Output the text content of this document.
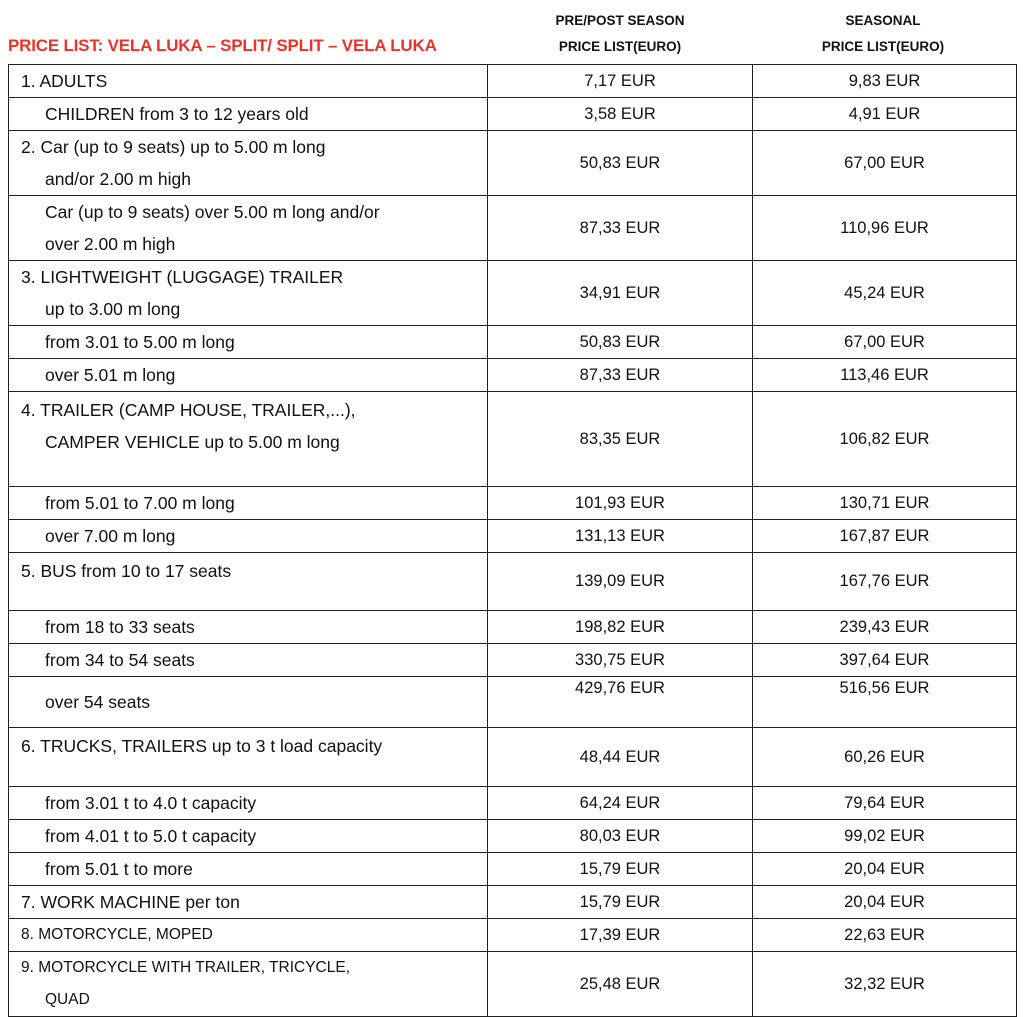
PRICE LIST: VELA LUKA – SPLIT/ SPLIT – VELA LUKA
PRE/POST SEASON
PRICE LIST(EURO)
SEASONAL
PRICE LIST(EURO)
1. ADULTS	7,17 EUR	9,83 EUR

CHILDREN from 3 to 12 years old	3,58 EUR	4,91 EUR

2. Car (up to 9 seats) up to 5.00 m long
and/or 2.00 m high	50,83 EUR	67,00 EUR

Car (up to 9 seats) over 5.00 m long and/or
over 2.00 m high	87,33 EUR	110,96 EUR

3. LIGHTWEIGHT (LUGGAGE) TRAILER
up to 3.00 m long	34,91 EUR	45,24 EUR

from 3.01 to 5.00 m long	50,83 EUR	67,00 EUR

over 5.01 m long	87,33 EUR	113,46 EUR

4. TRAILER (CAMP HOUSE, TRAILER,...),
CAMPER VEHICLE up to 5.00 m long	83,35 EUR	106,82 EUR

from 5.01 to 7.00 m long	101,93 EUR	130,71 EUR

over 7.00 m long	131,13 EUR	167,87 EUR

5. BUS from 10 to 17 seats	139,09 EUR	167,76 EUR

from 18 to 33 seats	198,82 EUR	239,43 EUR

from 34 to 54 seats	330,75 EUR	397,64 EUR

over 54 seats	429,76 EUR	516,56 EUR

6. TRUCKS, TRAILERS up to 3 t load capacity	48,44 EUR	60,26 EUR

from 3.01 t to 4.0 t capacity	64,24 EUR	79,64 EUR

from 4.01 t to 5.0 t capacity	80,03 EUR	99,02 EUR

from 5.01 t to more	15,79 EUR	20,04 EUR

7. WORK MACHINE per ton	15,79 EUR	20,04 EUR

8. MOTORCYCLE, MOPED	17,39 EUR	22,63 EUR

9. MOTORCYCLE WITH TRAILER, TRICYCLE,
QUAD	25,48 EUR	32,32 EUR
